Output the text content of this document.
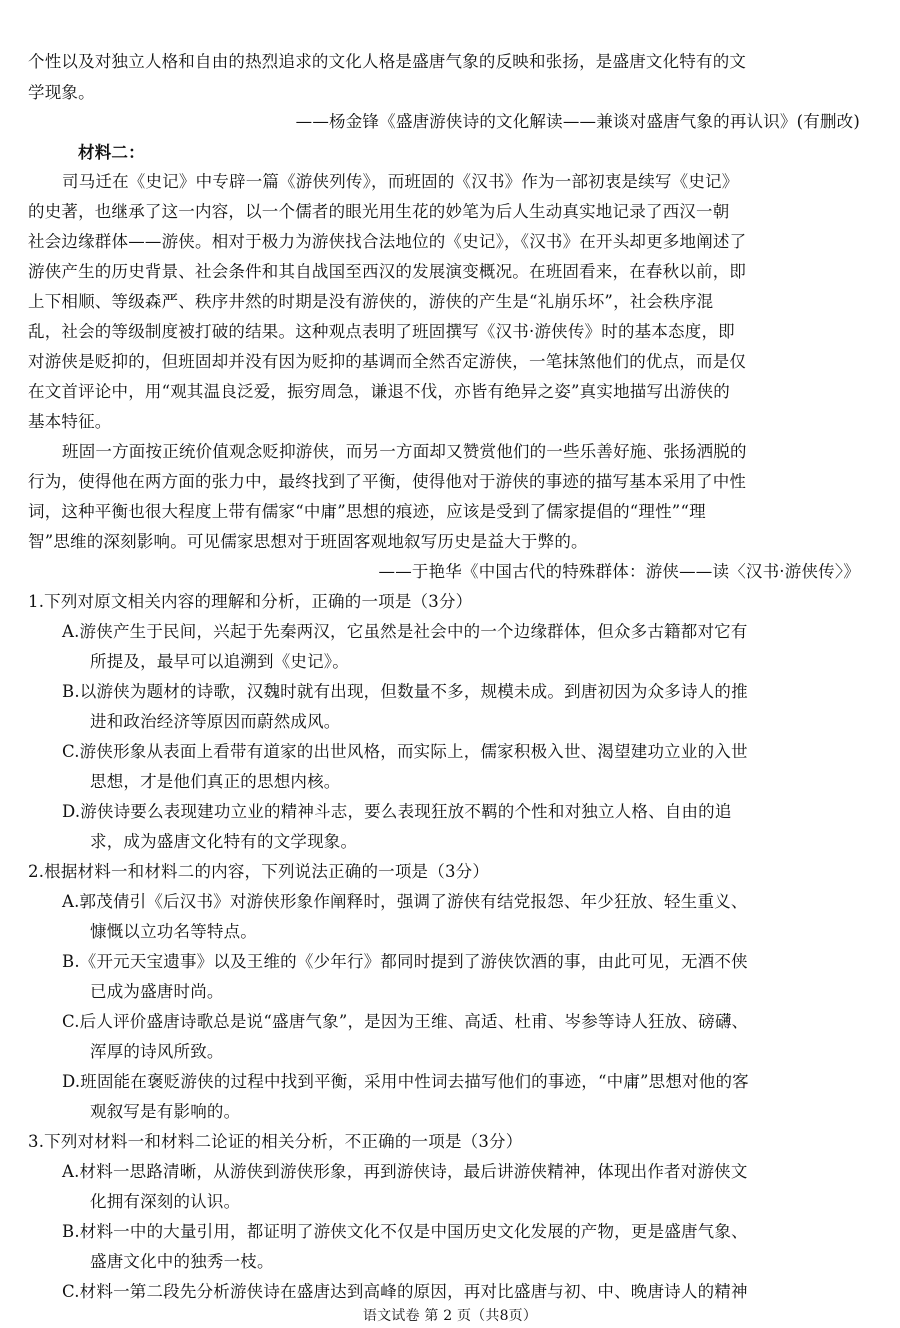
个性以及对独立人格和自由的热烈追求的文化人格是盛唐气象的反映和张扬，是盛唐文化特有的文
学现象。
——杨金锋《盛唐游侠诗的文化解读——兼谈对盛唐气象的再认识》(有删改)
材料二：
司马迁在《史记》中专辟一篇《游侠列传》，而班固的《汉书》作为一部初衷是续写《史记》
的史著，也继承了这一内容，以一个儒者的眼光用生花的妙笔为后人生动真实地记录了西汉一朝
社会边缘群体——游侠。相对于极力为游侠找合法地位的《史记》，《汉书》在开头却更多地阐述了
游侠产生的历史背景、社会条件和其自战国至西汉的发展演变概况。在班固看来，在春秋以前，即
上下相顺、等级森严、秩序井然的时期是没有游侠的，游侠的产生是“礼崩乐坏”，社会秩序混
乱，社会的等级制度被打破的结果。这种观点表明了班固撰写《汉书·游侠传》时的基本态度，即
对游侠是贬抑的，但班固却并没有因为贬抑的基调而全然否定游侠，一笔抹煞他们的优点，而是仅
在文首评论中，用“观其温良泛爱，振穷周急，谦退不伐，亦皆有绝异之姿”真实地描写出游侠的
基本特征。
班固一方面按正统价值观念贬抑游侠，而另一方面却又赞赏他们的一些乐善好施、张扬洒脱的
行为，使得他在两方面的张力中，最终找到了平衡，使得他对于游侠的事迹的描写基本采用了中性
词，这种平衡也很大程度上带有儒家“中庸”思想的痕迹，应该是受到了儒家提倡的“理性”“理
智”思维的深刻影响。可见儒家思想对于班固客观地叙写历史是益大于弊的。
——于艳华《中国古代的特殊群体：游侠——读〈汉书·游侠传〉》
1.下列对原文相关内容的理解和分析，正确的一项是（3分）
A.游侠产生于民间，兴起于先秦两汉，它虽然是社会中的一个边缘群体，但众多古籍都对它有
所提及，最早可以追溯到《史记》。
B.以游侠为题材的诗歌，汉魏时就有出现，但数量不多，规模未成。到唐初因为众多诗人的推
进和政治经济等原因而蔚然成风。
C.游侠形象从表面上看带有道家的出世风格，而实际上，儒家积极入世、渴望建功立业的入世
思想，才是他们真正的思想内核。
D.游侠诗要么表现建功立业的精神斗志，要么表现狂放不羁的个性和对独立人格、自由的追
求，成为盛唐文化特有的文学现象。
2.根据材料一和材料二的内容，下列说法正确的一项是（3分）
A.郭茂倩引《后汉书》对游侠形象作阐释时，强调了游侠有结党报怨、年少狂放、轻生重义、
慷慨以立功名等特点。
B.《开元天宝遗事》以及王维的《少年行》都同时提到了游侠饮酒的事，由此可见，无酒不侠
已成为盛唐时尚。
C.后人评价盛唐诗歌总是说“盛唐气象”，是因为王维、高适、杜甫、岑参等诗人狂放、磅礴、
浑厚的诗风所致。
D.班固能在褒贬游侠的过程中找到平衡，采用中性词去描写他们的事迹，“中庸”思想对他的客
观叙写是有影响的。
3.下列对材料一和材料二论证的相关分析，不正确的一项是（3分）
A.材料一思路清晰，从游侠到游侠形象，再到游侠诗，最后讲游侠精神，体现出作者对游侠文
化拥有深刻的认识。
B.材料一中的大量引用，都证明了游侠文化不仅是中国历史文化发展的产物，更是盛唐气象、
盛唐文化中的独秀一枝。
C.材料一第二段先分析游侠诗在盛唐达到高峰的原因，再对比盛唐与初、中、晚唐诗人的精神
语文试卷 第 2 页（共8页）
